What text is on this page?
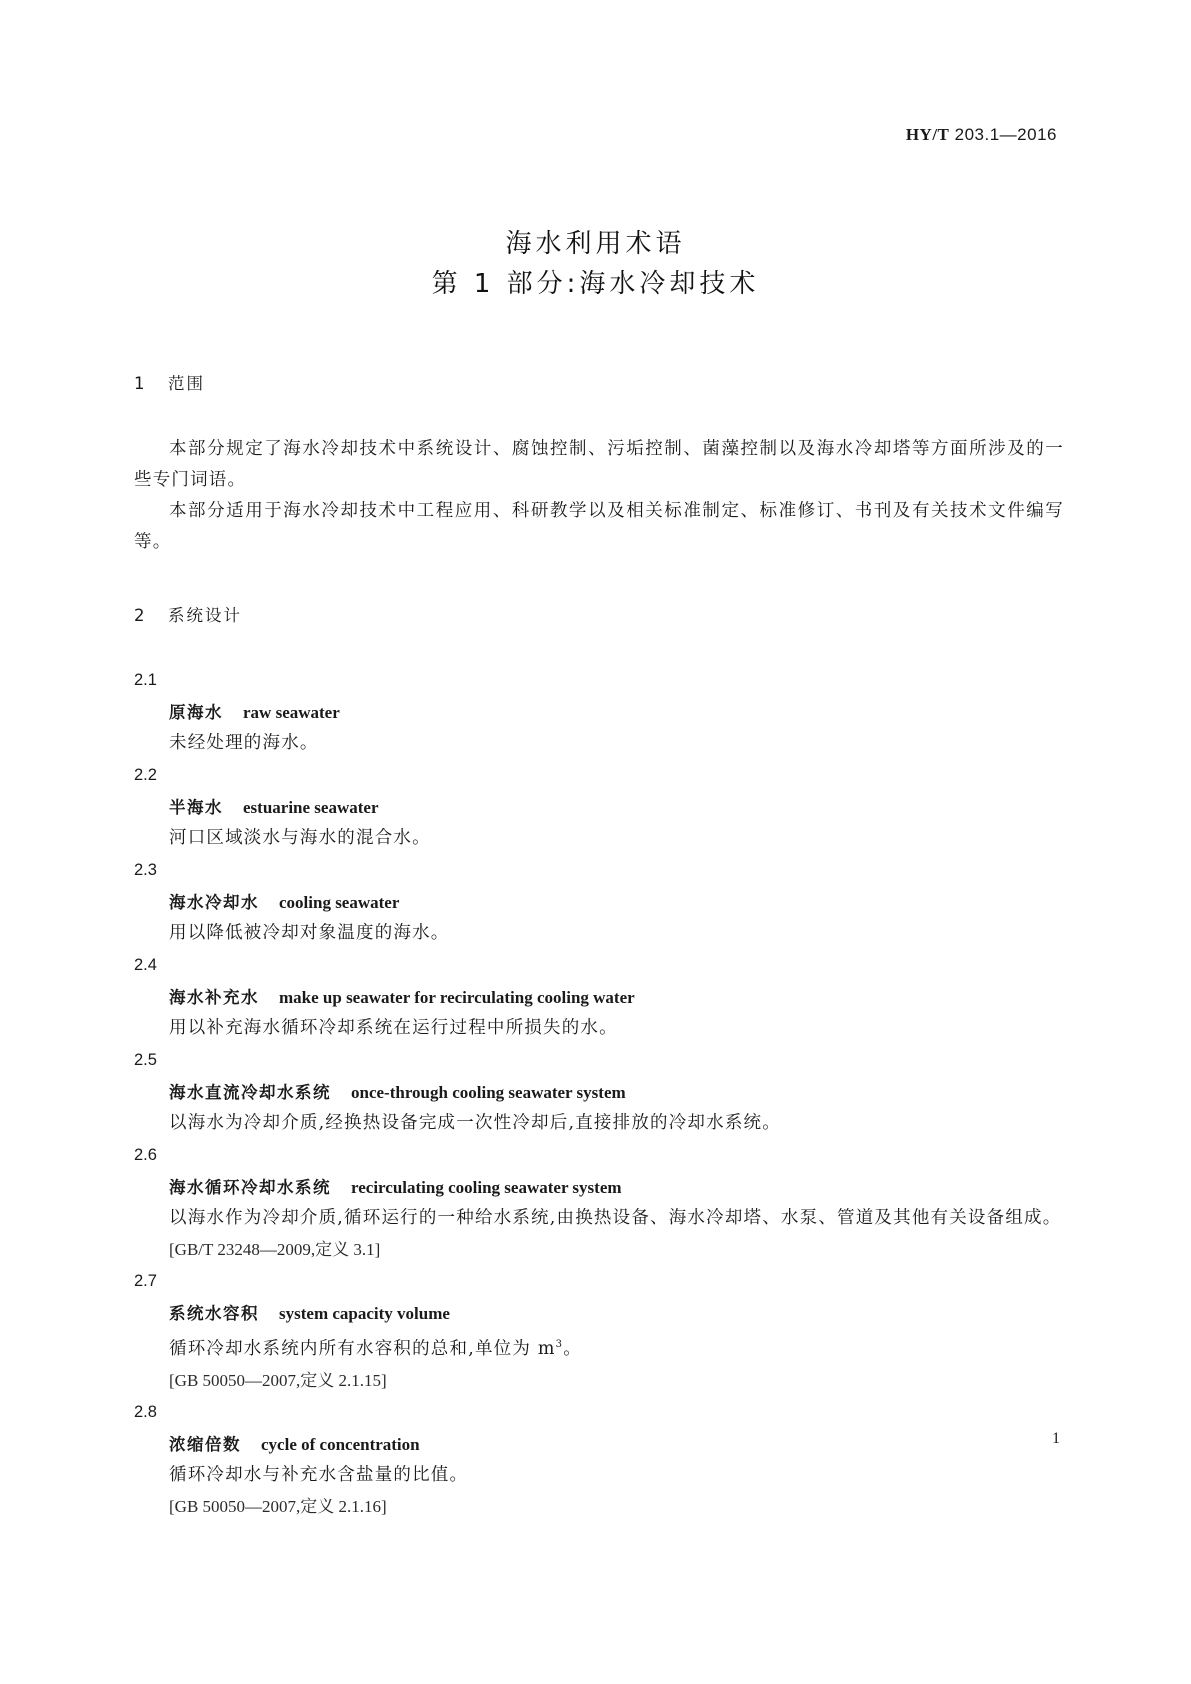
HY/T 203.1—2016
海水利用术语
第 1 部分:海水冷却技术
1 范围
本部分规定了海水冷却技术中系统设计、腐蚀控制、污垢控制、菌藻控制以及海水冷却塔等方面所涉及的一些专门词语。
本部分适用于海水冷却技术中工程应用、科研教学以及相关标准制定、标准修订、书刊及有关技术文件编写等。
2 系统设计
2.1
原海水 raw seawater
未经处理的海水。
2.2
半海水 estuarine seawater
河口区域淡水与海水的混合水。
2.3
海水冷却水 cooling seawater
用以降低被冷却对象温度的海水。
2.4
海水补充水 make up seawater for recirculating cooling water
用以补充海水循环冷却系统在运行过程中所损失的水。
2.5
海水直流冷却水系统 once-through cooling seawater system
以海水为冷却介质,经换热设备完成一次性冷却后,直接排放的冷却水系统。
2.6
海水循环冷却水系统 recirculating cooling seawater system
以海水作为冷却介质,循环运行的一种给水系统,由换热设备、海水冷却塔、水泵、管道及其他有关设备组成。
[GB/T 23248—2009,定义 3.1]
2.7
系统水容积 system capacity volume
循环冷却水系统内所有水容积的总和,单位为 $m^3$。
[GB 50050—2007,定义 2.1.15]
2.8
浓缩倍数 cycle of concentration
循环冷却水与补充水含盐量的比值。
[GB 50050—2007,定义 2.1.16]
1
